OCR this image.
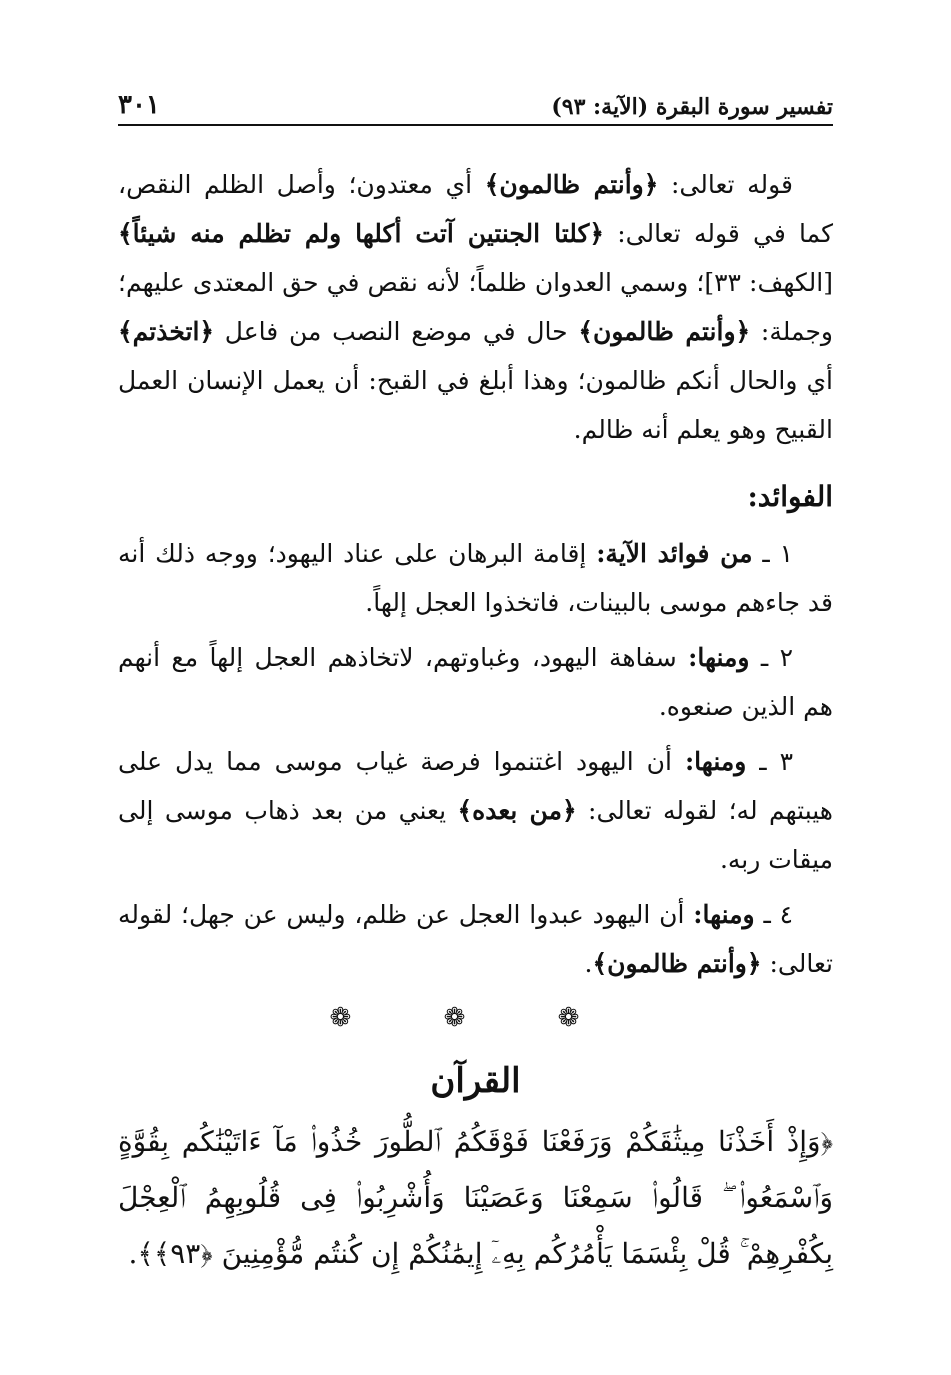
تفسير سورة البقرة (الآية: ٩٣)
٣٠١

قوله تعالى: ﴿وأنتم ظالمون﴾ أي معتدون؛ وأصل الظلم النقص، كما في قوله تعالى: ﴿كلتا الجنتين آتت أكلها ولم تظلم منه شيئاً﴾ [الكهف: ٣٣]؛ وسمي العدوان ظلماً؛ لأنه نقص في حق المعتدى عليهم؛ وجملة: ﴿وأنتم ظالمون﴾ حال في موضع النصب من فاعل ﴿اتخذتم﴾ أي والحال أنكم ظالمون؛ وهذا أبلغ في القبح: أن يعمل الإنسان العمل القبيح وهو يعلم أنه ظالم.

الفوائد:

١ ـ من فوائد الآية: إقامة البرهان على عناد اليهود؛ ووجه ذلك أنه قد جاءهم موسى بالبينات، فاتخذوا العجل إلهاً.

٢ ـ ومنها: سفاهة اليهود، وغباوتهم، لاتخاذهم العجل إلهاً مع أنهم هم الذين صنعوه.

٣ ـ ومنها: أن اليهود اغتنموا فرصة غياب موسى مما يدل على هيبتهم له؛ لقوله تعالى: ﴿من بعده﴾ يعني من بعد ذهاب موسى إلى ميقات ربه.

٤ ـ ومنها: أن اليهود عبدوا العجل عن ظلم، وليس عن جهل؛ لقوله تعالى: ﴿وأنتم ظالمون﴾.

❁ ❁ ❁
القرآن

﴿وَإِذْ أَخَذْنَا مِيثَٰقَكُمْ وَرَفَعْنَا فَوْقَكُمُ ٱلطُّورَ خُذُوا۟ مَآ ءَاتَيْنَٰكُم بِقُوَّةٍ وَٱسْمَعُوا۟ ۖ قَالُوا۟ سَمِعْنَا وَعَصَيْنَا وَأُشْرِبُوا۟ فِى قُلُوبِهِمُ ٱلْعِجْلَ بِكُفْرِهِمْ ۚ قُلْ بِئْسَمَا يَأْمُرُكُم بِهِۦٓ إِيمَٰنُكُمْ إِن كُنتُم مُّؤْمِنِينَ ﴿٩٣﴾﴾.
